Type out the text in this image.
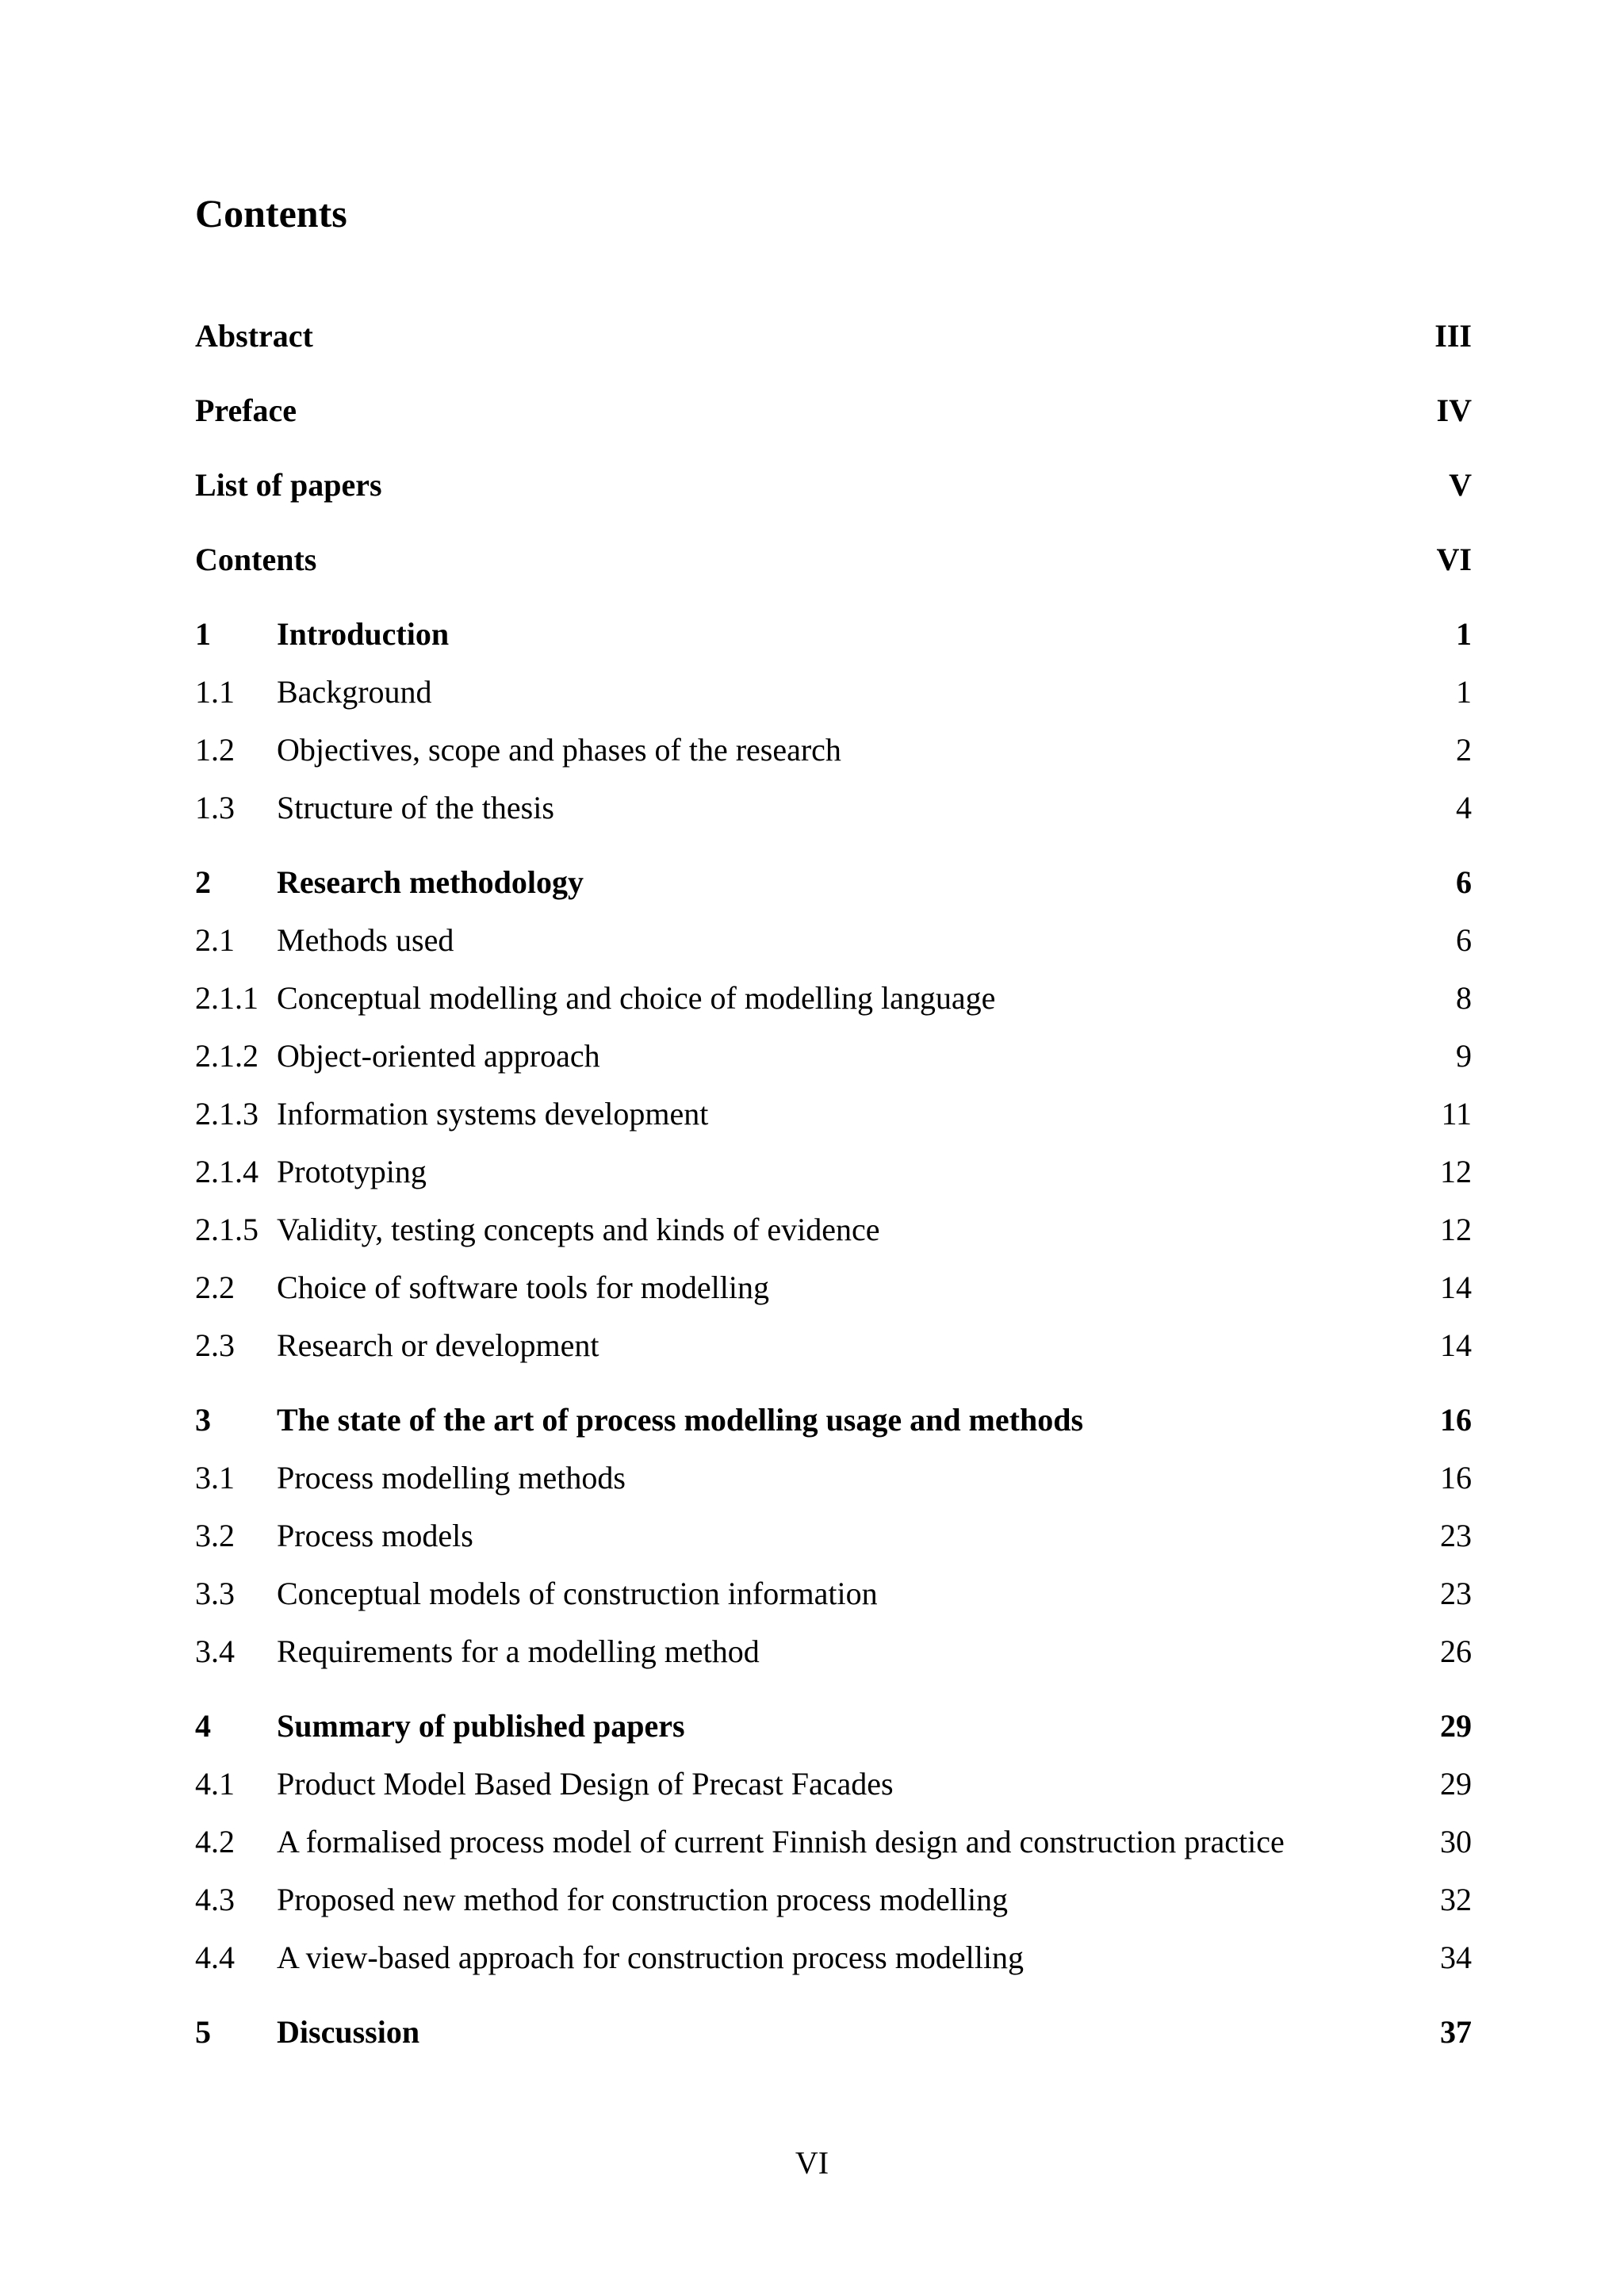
Contents
Abstract	III
Preface	IV
List of papers	V
Contents	VI
1 Introduction	1
1.1 Background	1
1.2 Objectives, scope and phases of the research	2
1.3 Structure of the thesis	4
2 Research methodology	6
2.1 Methods used	6
2.1.1 Conceptual modelling and choice of modelling language	8
2.1.2 Object-oriented approach	9
2.1.3 Information systems development	11
2.1.4 Prototyping	12
2.1.5 Validity, testing concepts and kinds of evidence	12
2.2 Choice of software tools for modelling	14
2.3 Research or development	14
3 The state of the art of process modelling usage and methods	16
3.1 Process modelling methods	16
3.2 Process models	23
3.3 Conceptual models of construction information	23
3.4 Requirements for a modelling method	26
4 Summary of published papers	29
4.1 Product Model Based Design of Precast Facades	29
4.2 A formalised process model of current Finnish design and construction practice	30
4.3 Proposed new method for construction process modelling	32
4.4 A view-based approach for construction process modelling	34
5 Discussion	37
VI
